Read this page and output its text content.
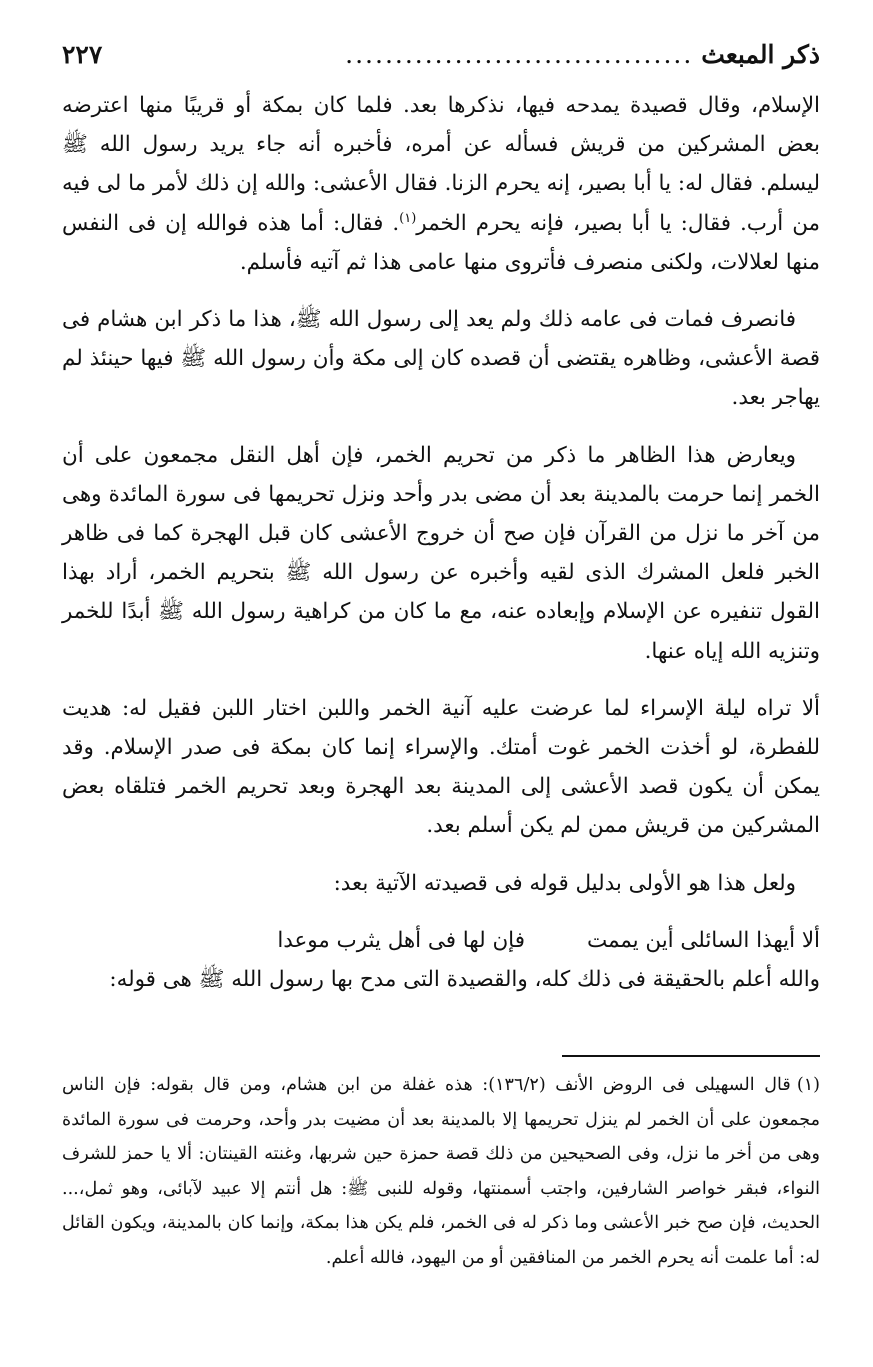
ذكر المبعث
...................................
٢٢٧

الإسلام، وقال قصيدة يمدحه فيها، نذكرها بعد. فلما كان بمكة أو قريبًا منها اعترضه بعض المشركين من قريش فسأله عن أمره، فأخبره أنه جاء يريد رسول الله ﷺ ليسلم. فقال له: يا أبا بصير، إنه يحرم الزنا. فقال الأعشى: والله إن ذلك لأمر ما لى فيه من أرب. فقال: يا أبا بصير، فإنه يحرم الخمر$^{(١)}$. فقال: أما هذه فوالله إن فى النفس منها لعلالات، ولكنى منصرف فأتروى منها عامى هذا ثم آتيه فأسلم.

فانصرف فمات فى عامه ذلك ولم يعد إلى رسول الله ﷺ، هذا ما ذكر ابن هشام فى قصة الأعشى، وظاهره يقتضى أن قصده كان إلى مكة وأن رسول الله ﷺ فيها حينئذ لم يهاجر بعد.

ويعارض هذا الظاهر ما ذكر من تحريم الخمر، فإن أهل النقل مجمعون على أن الخمر إنما حرمت بالمدينة بعد أن مضى بدر وأحد ونزل تحريمها فى سورة المائدة وهى من آخر ما نزل من القرآن فإن صح أن خروج الأعشى كان قبل الهجرة كما فى ظاهر الخبر فلعل المشرك الذى لقيه وأخبره عن رسول الله ﷺ بتحريم الخمر، أراد بهذا القول تنفيره عن الإسلام وإبعاده عنه، مع ما كان من كراهية رسول الله ﷺ أبدًا للخمر وتنزيه الله إياه عنها.

ألا تراه ليلة الإسراء لما عرضت عليه آنية الخمر واللبن اختار اللبن فقيل له: هديت للفطرة، لو أخذت الخمر غوت أمتك. والإسراء إنما كان بمكة فى صدر الإسلام. وقد يمكن أن يكون قصد الأعشى إلى المدينة بعد الهجرة وبعد تحريم الخمر فتلقاه بعض المشركين من قريش ممن لم يكن أسلم بعد.

ولعل هذا هو الأولى بدليل قوله فى قصيدته الآتية بعد:

ألا أيهذا السائلى أين يممت
فإن لها فى أهل يثرب موعدا

والله أعلم بالحقيقة فى ذلك كله، والقصيدة التى مدح بها رسول الله ﷺ هى قوله:

(١)قال السهيلى فى الروض الأنف (١٣٦/٢): هذه غفلة من ابن هشام، ومن قال بقوله: فإن الناس مجمعون على أن الخمر لم ينزل تحريمها إلا بالمدينة بعد أن مضيت بدر وأحد، وحرمت فى سورة المائدة وهى من أخر ما نزل، وفى الصحيحين من ذلك قصة حمزة حين شربها، وغنته القينتان: ألا يا حمز للشرف النواء، فبقر خواصر الشارفين، واجتب أسمنتها، وقوله للنبى ﷺ: هل أنتم إلا عبيد لآبائى، وهو ثمل،... الحديث، فإن صح خبر الأعشى وما ذكر له فى الخمر، فلم يكن هذا بمكة، وإنما كان بالمدينة، ويكون القائل له: أما علمت أنه يحرم الخمر من المنافقين أو من اليهود، فالله أعلم.
